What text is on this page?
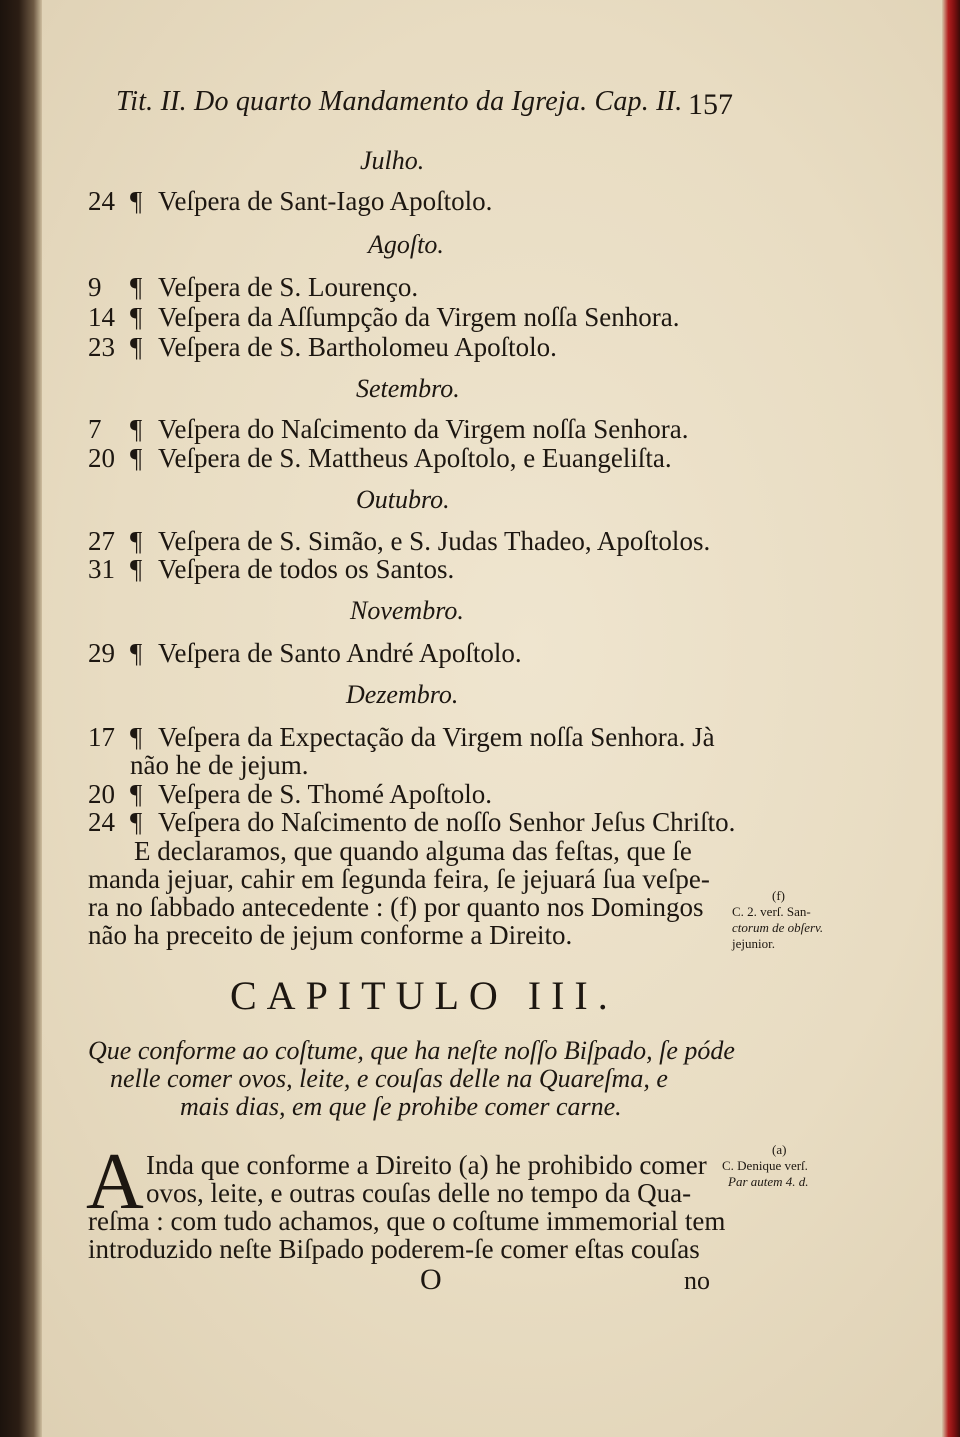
Tit. II. Do quarto Mandamento da Igreja. Cap. II. 157
Julho.
24 ¶ Veſpera de Sant-Iago Apoſtolo.
Agoſto.
9 ¶ Veſpera de S. Lourenço.
14 ¶ Veſpera da Aſſumpção da Virgem noſſa Senhora.
23 ¶ Veſpera de S. Bartholomeu Apoſtolo.
Setembro.
7 ¶ Veſpera do Naſcimento da Virgem noſſa Senhora.
20 ¶ Veſpera de S. Mattheus Apoſtolo, e Euangeliſta.
Outubro.
27 ¶ Veſpera de S. Simão, e S. Judas Thadeo, Apoſtolos.
31 ¶ Veſpera de todos os Santos.
Novembro.
29 ¶ Veſpera de Santo André Apoſtolo.
Dezembro.
17 ¶ Veſpera da Expectação da Virgem noſſa Senhora. Jà
não he de jejum.
20 ¶ Veſpera de S. Thomé Apoſtolo.
24 ¶ Veſpera do Naſcimento de noſſo Senhor Jeſus Chriſto.
E declaramos, que quando alguma das feſtas, que ſe
manda jejuar, cahir em ſegunda feira, ſe jejuará ſua veſpe-
ra no ſabbado antecedente : (f) por quanto nos Domingos
não ha preceito de jejum conforme a Direito.
(f)
C. 2. verſ. San-
ctorum de obſerv.
jejunior.
CAPITULO III.
Que conforme ao coſtume, que ha neſte noſſo Biſpado, ſe póde
nelle comer ovos, leite, e couſas delle na Quareſma, e
mais dias, em que ſe prohibe comer carne.
A Inda que conforme a Direito (a) he prohibido comer
ovos, leite, e outras couſas delle no tempo da Qua-
reſma : com tudo achamos, que o coſtume immemorial tem
introduzido neſte Biſpado poderem-ſe comer eſtas couſas
(a)
C. Denique verſ.
Par autem 4. d.
O	no
